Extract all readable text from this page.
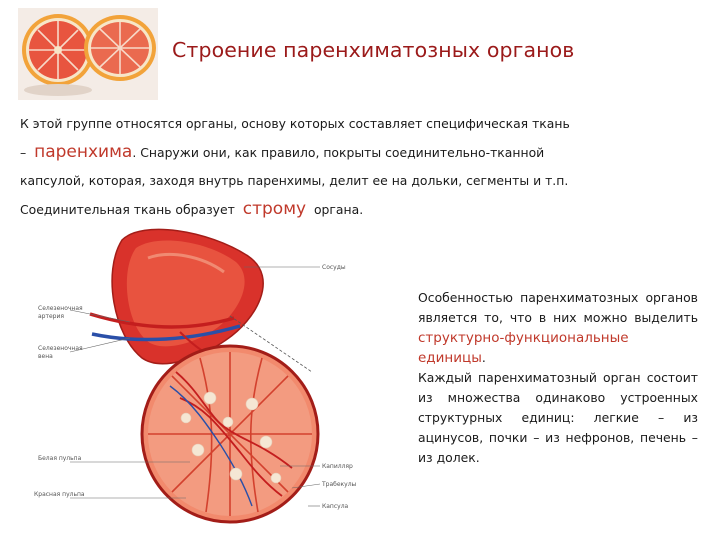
Строение паренхиматозных органов
К этой группе относятся органы, основу которых составляет специфическая ткань
– паренхима. Снаружи они, как правило, покрыты соединительно-тканной
капсулой, которая, заходя внутрь паренхимы, делит ее на дольки, сегменты и т.п.
Соединительная ткань образует строму органа.
Сосуды
Селезеночная
артерия
Селезеночная
вена
Белая пульпа
Красная пульпа
Капилляр
Трабекулы
Капсула

Особенностью паренхиматозных органов является то, что в них можно выделить структурно-функциональные единицы.

Каждый паренхиматозный орган состоит из множества одинаково устроенных структурных единиц: легкие – из ацинусов, почки – из нефронов, печень – из долек.
